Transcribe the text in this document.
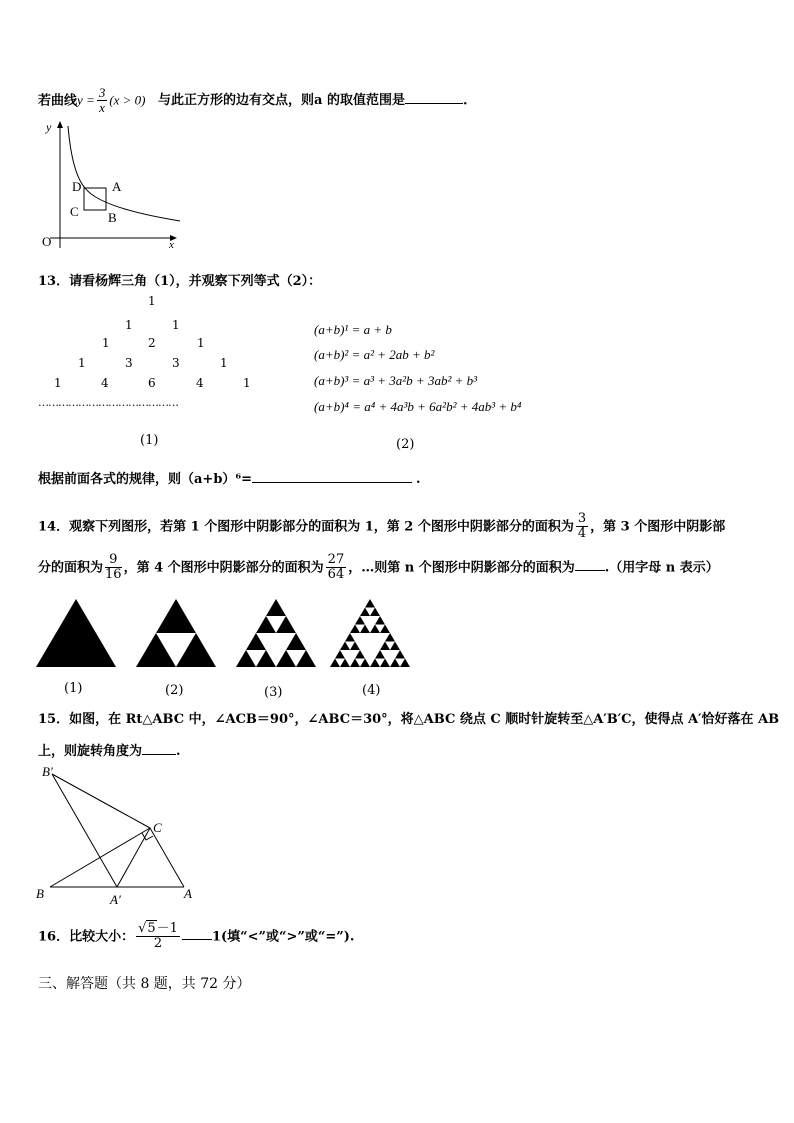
若曲线$y = \frac{3}{x} (x > 0)$ 与此正方形的边有交点，则a 的取值范围是	.
y
x
O
D A
C B
13．请看杨辉三角（1），并观察下列等式（2）：
1
1	1
1	2	1
1	3	3	1
1	4	6	4	1
……………………………………
(1)
(a+b)¹ = a + b
(a+b)² = a² + 2ab + b²
(a+b)³ = a³ + 3a²b + 3ab² + b³
(a+b)⁴ = a⁴ + 4a³b + 6a²b² + 4ab³ + b⁴
(2)
根据前面各式的规律，则（a+b）⁶=	.
14．观察下列图形，若第 1 个图形中阴影部分的面积为 1，第 2 个图形中阴影部分的面积为 $\frac{3}{4}$ ，第 3 个图形中阴影部
分的面积为 $\frac{9}{16}$ ，第 4 个图形中阴影部分的面积为 $\frac{27}{64}$ ，…则第 n 个图形中阴影部分的面积为 .（用字母 n 表示）
(1)	(2)	(3)	(4)
15．如图，在 Rt△ABC 中，∠ACB＝90°，∠ABC＝30°，将△ABC 绕点 C 顺时针旋转至△A′B′C，使得点 A′恰好落在 AB
上，则旋转角度为	.
B′
C
B	A′	A
16．比较大小： $\frac{√5-1}{2} 1$(填“<”或“>”或“=”).
三、解答题（共 8 题，共 72 分）
